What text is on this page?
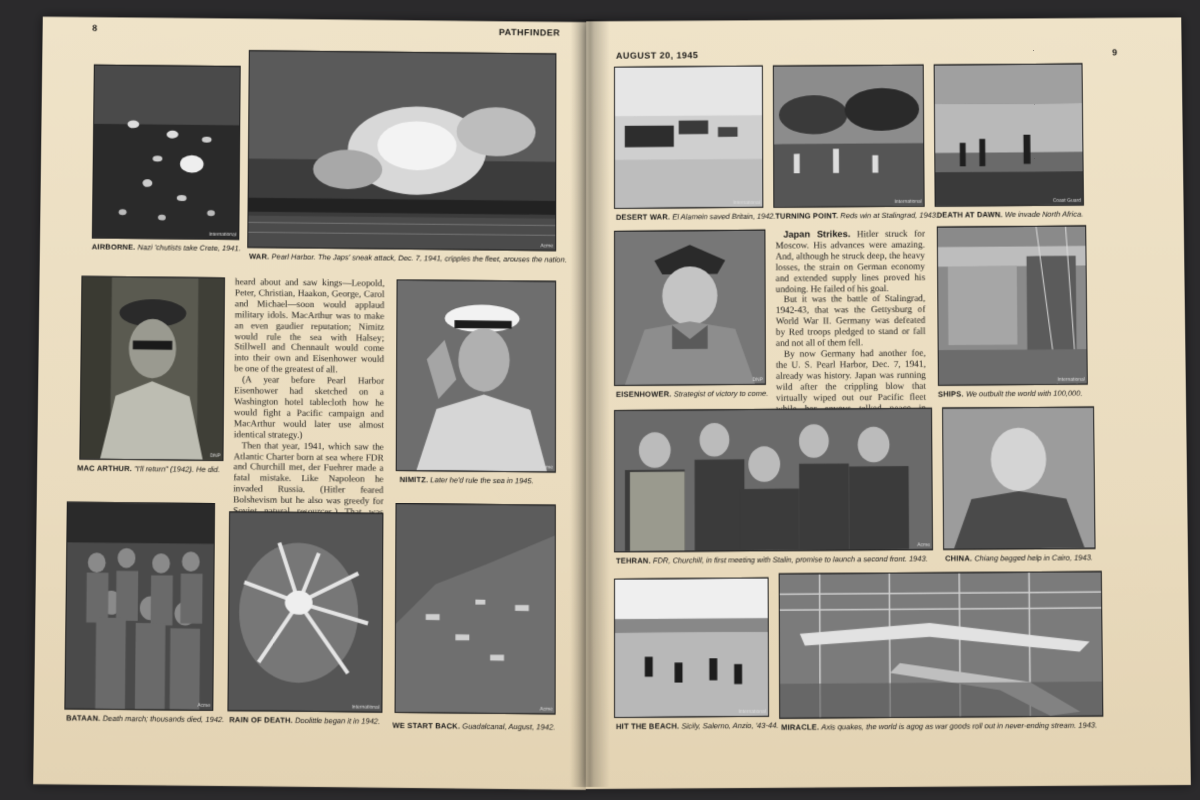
8	PATHFINDER
International
AIRBORNE. Nazi 'chutists take Crete, 1941.	Acme
WAR. Pearl Harbor. The Japs' sneak attack, Dec. 7, 1941, cripples the fleet, arouses the nation.
DNP
MAC ARTHUR. "I'll return" (1942). He did.

heard about and saw kings—Leopold, Peter, Christian, Haakon, George, Carol and Michael—soon would applaud military idols. MacArthur was to make an even gaudier reputation; Nimitz would rule the sea with Halsey; Stillwell and Chennault would come into their own and Eisenhower would be one of the greatest of all.

(A year before Pearl Harbor Eisenhower had sketched on a Washington hotel tablecloth how he would fight a Pacific campaign and MacArthur would later use almost identical strategy.)

Then that year, 1941, which saw the Atlantic Charter born at sea where FDR and Churchill met, der Fuehrer made a fatal mistake. Like Napoleon he invaded Russia. (Hitler feared Bolshevism but he also was greedy for

Acme
NIMITZ. Later he'd rule the sea in 1945.
Acme
BATAAN. Death march; thousands died, 1942.
International
RAIN OF DEATH. Doolittle began it in 1942.
Acme
WE START BACK. Guadalcanal, August, 1942.
AUGUST 20, 1945	9
International
DESERT WAR. El Alamein saved Britain, 1942.
International
TURNING POINT. Reds win at Stalingrad, 1943.
Coast Guard
DEATH AT DAWN. We invade North Africa.
DNP
EISENHOWER. Strategist of victory to come.

Japan Strikes. Hitler struck for Moscow. His advances were amazing. And, although he struck deep, the heavy losses, the strain on German economy and extended supply lines proved his undoing. He failed of his goal.

But it was the battle of Stalingrad, 1942-43, that was the Gettysburg of World War II. Germany was defeated by Red troops pledged to stand or fall and not all of them fell.

By now Germany had another foe, the U. S. Pearl Harbor, Dec. 7, 1941, already was history. Japan was running wild after the crippling blow that virtually wiped out our Pacific fleet

International
SHIPS. We outbuilt the world with 100,000.
Acme
TEHRAN. FDR, Churchill, in first meeting with Stalin, promise to launch a second front. 1943. CHINA. Chiang begged help in Cairo, 1943.
International
HIT THE BEACH. Sicily, Salerno, Anzio, '43-44. MIRACLE. Axis quakes, the world is agog as war goods roll out in never-ending stream. 1943.
